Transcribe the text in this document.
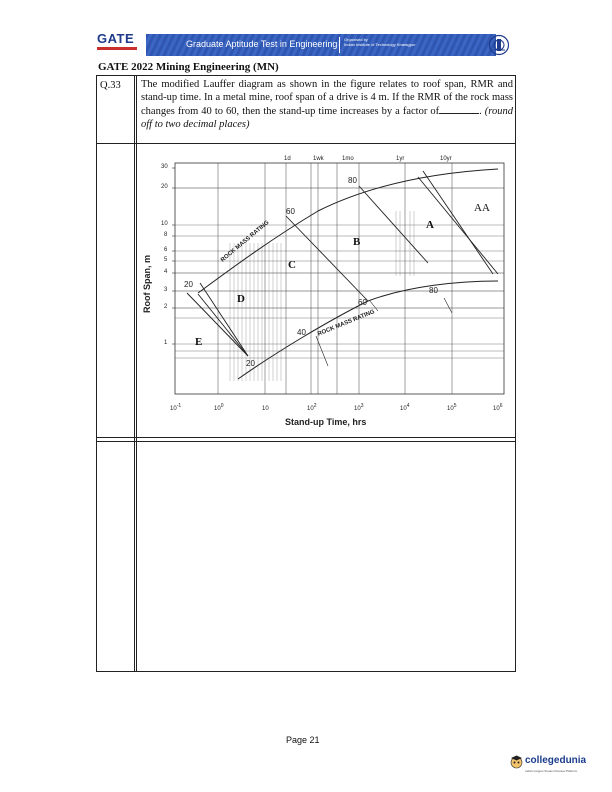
GATE	Graduate Aptitude Test in Engineering Organised by
Indian Institute of Technology Kharagpur
GATE 2022 Mining Engineering (MN)
Q.33 The modified Lauffer diagram as shown in the figure relates to roof span, RMR and stand-up time. In a metal mine, roof span of a drive is 4 m. If the RMR of the rock mass changes from 40 to 60, then the stand-up time increases by a factor of	. (round off to two decimal places)
30
20
10
8
6
5
4
3
2
1
Roof Span, m
1d	1wk	1mo	1yr	10yr
$10^{-1}$	$10^0$	10	$10^2$	$10^3$	$10^4$	$10^5$	$10^6$
Stand-up Time, hrs
AA
A
B
C
D
E
80
60
20
80
60
40
20
ROCK MASS RATING
ROCK MASS RATING
Page 21
collegedunia
India's largest Student Review Platform
